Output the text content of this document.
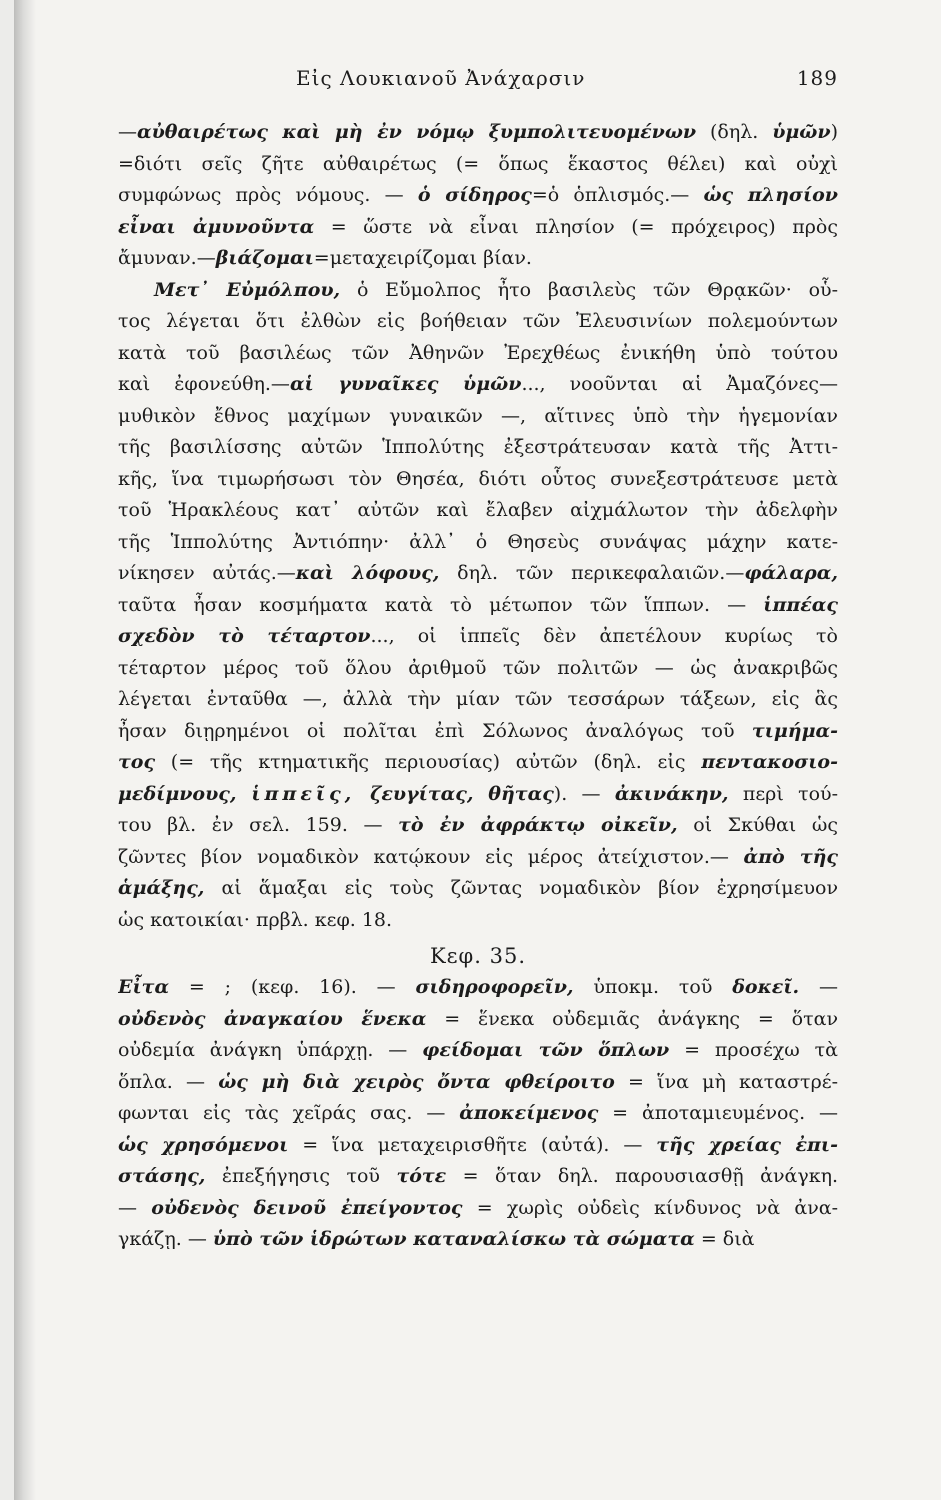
Εἰς Λουκιανοῦ Ἀνάχαρσιν	189
—αὐθαιρέτως καὶ μὴ ἐν νόμῳ ξυμπολιτευομένων (δηλ. ὑμῶν)
=διότι σεῖς ζῆτε αὐθαιρέτως (= ὅπως ἕκαστος θέλει) καὶ οὐχὶ
συμφώνως πρὸς νόμους. — ὁ σίδηρος=ὁ ὁπλισμός.— ὡς πλησίον
εἶναι ἀμυνοῦντα = ὥστε νὰ εἶναι πλησίον (= πρόχειρος) πρὸς
ἄμυναν.—βιάζομαι=μεταχειρίζομαι βίαν.
Μετ᾽ Εὐμόλπου, ὁ Εὔμολπος ἦτο βασιλεὺς τῶν Θρᾳκῶν· οὗ-
τος λέγεται ὅτι ἐλθὼν εἰς βοήθειαν τῶν Ἐλευσινίων πολεμούντων
κατὰ τοῦ βασιλέως τῶν Ἀθηνῶν Ἐρεχθέως ἐνικήθη ὑπὸ τούτου
καὶ ἐφονεύθη.—αἱ γυναῖκες ὑμῶν..., νοοῦνται αἱ Ἀμαζόνες—
μυθικὸν ἔθνος μαχίμων γυναικῶν —, αἵτινες ὑπὸ τὴν ἡγεμονίαν
τῆς βασιλίσσης αὐτῶν Ἱππολύτης ἐξεστράτευσαν κατὰ τῆς Ἀττι-
κῆς, ἵνα τιμωρήσωσι τὸν Θησέα, διότι οὗτος συνεξεστράτευσε μετὰ
τοῦ Ἡρακλέους κατ᾽ αὐτῶν καὶ ἔλαβεν αἰχμάλωτον τὴν ἀδελφὴν
τῆς Ἱππολύτης Ἀντιόπην· ἀλλ᾽ ὁ Θησεὺς συνάψας μάχην κατε-
νίκησεν αὐτάς.—καὶ λόφους, δηλ. τῶν περικεφαλαιῶν.—φάλαρα,
ταῦτα ἦσαν κοσμήματα κατὰ τὸ μέτωπον τῶν ἵππων. — ἱππέας
σχεδὸν τὸ τέταρτον..., οἱ ἱππεῖς δὲν ἀπετέλουν κυρίως τὸ
τέταρτον μέρος τοῦ ὅλου ἀριθμοῦ τῶν πολιτῶν — ὡς ἀνακριβῶς
λέγεται ἐνταῦθα —, ἀλλὰ τὴν μίαν τῶν τεσσάρων τάξεων, εἰς ἃς
ἦσαν διῃρημένοι οἱ πολῖται ἐπὶ Σόλωνος ἀναλόγως τοῦ τιμήμα-
τος (= τῆς κτηματικῆς περιουσίας) αὐτῶν (δηλ. εἰς πεντακοσιο-
μεδίμνους, ἱππεῖς, ζευγίτας, θῆτας). — ἀκινάκην, περὶ τού-
του βλ. ἐν σελ. 159. — τὸ ἐν ἀφράκτῳ οἰκεῖν, οἱ Σκύθαι ὡς
ζῶντες βίον νομαδικὸν κατῴκουν εἰς μέρος ἀτείχιστον.— ἀπὸ τῆς
ἁμάξης, αἱ ἅμαξαι εἰς τοὺς ζῶντας νομαδικὸν βίον ἐχρησίμευον
ὡς κατοικίαι· πρβλ. κεφ. 18.
Κεφ. 35.
Εἶτα = ; (κεφ. 16). — σιδηροφορεῖν, ὑποκμ. τοῦ δοκεῖ. —
οὐδενὸς ἀναγκαίου ἕνεκα = ἕνεκα οὐδεμιᾶς ἀνάγκης = ὅταν
οὐδεμία ἀνάγκη ὑπάρχῃ. — φείδομαι τῶν ὅπλων = προσέχω τὰ
ὅπλα. — ὡς μὴ διὰ χειρὸς ὄντα φθείροιτο = ἵνα μὴ καταστρέ-
φωνται εἰς τὰς χεῖράς σας. — ἀποκείμενος = ἀποταμιευμένος. —
ὡς χρησόμενοι = ἵνα μεταχειρισθῆτε (αὐτά). — τῆς χρείας ἐπι-
στάσης, ἐπεξήγησις τοῦ τότε = ὅταν δηλ. παρουσιασθῇ ἀνάγκη.
— οὐδενὸς δεινοῦ ἐπείγοντος = χωρὶς οὐδεὶς κίνδυνος νὰ ἀνα-
γκάζῃ. — ὑπὸ τῶν ἱδρώτων καταναλίσκω τὰ σώματα = διὰ
